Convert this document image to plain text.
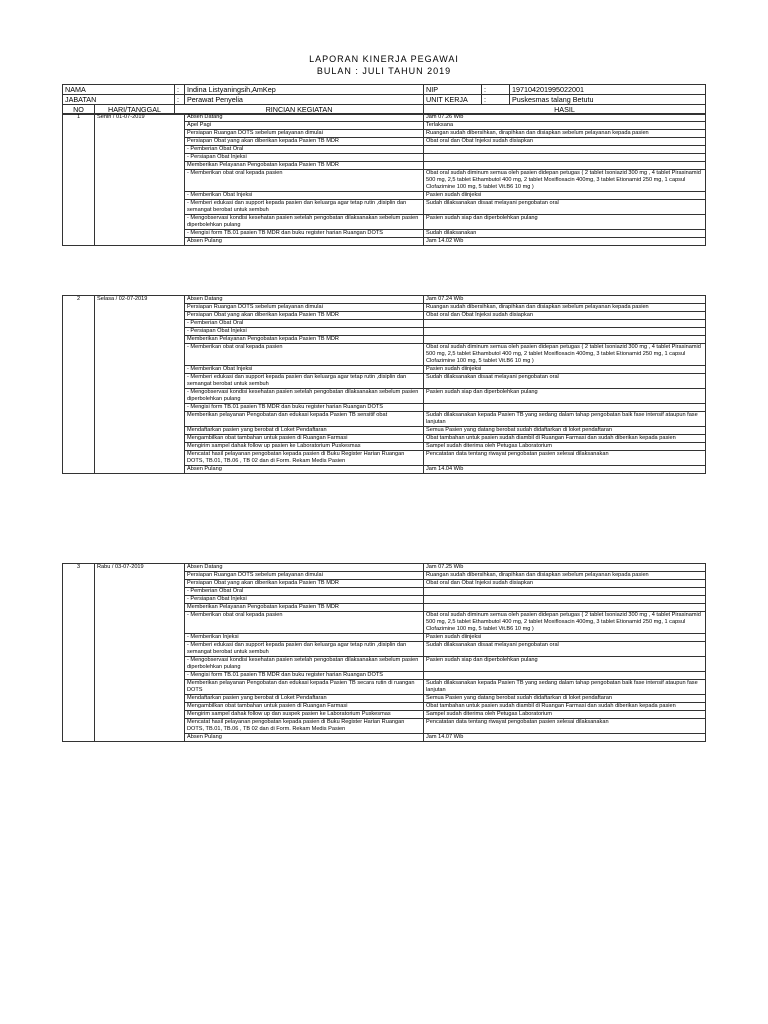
LAPORAN KINERJA PEGAWAI
BULAN : JULI TAHUN 2019
NAMA		:	Indina Listyaningsih,AmKep	NIP	:	197104201995022001
JABATAN		:	Perawat Penyelia	UNIT KERJA	:	Puskesmas talang Betutu
NO	HARI/TANGGAL	RINCIAN KEGIATAN		HASIL		
1	Senin / 01-07-2019	Absen Datang	Jam 07.26 Wib
		Apel Pagi	Terlaksana
		Persiapan Ruangan DOTS sebelum pelayanan dimulai	Ruangan sudah dibersihkan, dirapihkan dan disiapkan sebelum pelayanan kepada pasien
		Persiapan Obat yang akan diberikan kepada Pasien TB MDR	Obat oral dan Obat Injeksi sudah disiapkan
		- Pemberian Obat Oral	
		- Persiapan Obat Injeksi	
		Memberikan Pelayanan Pengobatan kepada Pasien TB MDR	
		- Memberikan obat oral kepada pasien	Obat oral sudah diminum semua oleh pasien didepan petugas ( 2 tablet Isoniazid 300 mg , 4 tablet Pirasinamid 500 mg, 2,5 tablet Ethambutol 400 mg, 2 tablet Moxifloxacin 400mg, 3 tablet Etionamid 250 mg, 1 capsul Clofazimine 100 mg, 5 tablet Vit.B6 10 mg )
		- Memberikan Obat Injeksi	Pasien sudah diinjeksi
		- Memberi edukasi dan support kepada pasien dan keluarga agar tetap rutin ,disiplin dan semangat berobat untuk sembuh	Sudah dilaksanakan disaat melayani pengobatan oral
		- Mengobservasi kondisi kesehatan pasien setelah pengobatan dilaksanakan sebelum pasien diperbolehkan pulang	Pasien sudah siap dan diperbolehkan pulang
		- Mengisi form TB.01 pasien TB MDR dan buku register harian Ruangan DOTS	Sudah dilaksanakan
		Absen Pulang	Jam 14.02 Wib
2	Selasa / 02-07-2019	Absen Datang	Jam 07.24 Wib
		Persiapan Ruangan DOTS sebelum pelayanan dimulai	Ruangan sudah dibersihkan, dirapihkan dan disiapkan sebelum pelayanan kepada pasien
		Persiapan Obat yang akan diberikan kepada Pasien TB MDR	Obat oral dan Obat Injeksi sudah disiapkan
		- Pemberian Obat Oral	
		- Persiapan Obat Injeksi	
		Memberikan Pelayanan Pengobatan kepada Pasien TB MDR	
		- Memberikan obat oral kepada pasien	Obat oral sudah diminum semua oleh pasien didepan petugas ( 2 tablet Isoniazid 300 mg , 4 tablet Pirasinamid 500 mg, 2,5 tablet Ethambutol 400 mg, 2 tablet Moxifloxacin 400mg, 3 tablet Etionamid 250 mg, 1 capsul Clofazimine 100 mg, 5 tablet Vit.B6 10 mg )
		- Memberikan Obat Injeksi	Pasien sudah diinjeksi
		- Memberi edukasi dan support kepada pasien dan keluarga agar tetap rutin ,disiplin dan semangat berobat untuk sembuh	Sudah dilaksanakan disaat melayani pengobatan oral
		- Mengobservasi kondisi kesehatan pasien setelah pengobatan dilaksanakan sebelum pasien diperbolehkan pulang	Pasien sudah siap dan diperbolehkan pulang
		- Mengisi form TB.01 pasien TB MDR dan buku register harian Ruangan DOTS	
		Memberikan pelayanan Pengobatan dan edukasi kepada Pasien TB sensitif obat	Sudah dilaksanakan kepada Pasien TB yang sedang dalam tahap pengobatan baik fase intensif ataupun fase lanjutan
		Mendaftarkan pasien yang berobat di Loket Pendaftaran	Semua Pasien yang datang berobat sudah didaftarkan di loket pendaftaran
		Mengambilkan obat tambahan untuk pasien di Ruangan Farmasi	Obat tambahan untuk pasien sudah diambil di Ruangan Farmasi dan sudah diberikan kepada pasien
		Mengirim sampel dahak follow up pasien ke Laboratorium Puskesmas	Sampel sudah diterima oleh Petugas Laboratorium
		Mencatat hasil pelayanan pengobatan kepada pasien di Buku Register Harian Ruangan DOTS, TB.01, TB.06 , TB 02 dan di Form. Rekam Medis Pasien	Pencatatan data tentang riwayat pengobatan pasien selesai dilaksanakan
		Absen Pulang	Jam 14.04 Wib
3	Rabu / 03-07-2019	Absen Datang	Jam 07.25 Wib
		Persiapan Ruangan DOTS sebelum pelayanan dimulai	Ruangan sudah dibersihkan, dirapihkan dan disiapkan sebelum pelayanan kepada pasien
		Persiapan Obat yang akan diberikan kepada Pasien TB MDR	Obat oral dan Obat Injeksi sudah disiapkan
		- Pemberian Obat Oral	
		- Persiapan Obat Injeksi	
		Memberikan Pelayanan Pengobatan kepada Pasien TB MDR	
		- Memberikan obat oral kepada pasien	Obat oral sudah diminum semua oleh pasien didepan petugas ( 2 tablet Isoniazid 300 mg , 4 tablet Pirasinamid 500 mg, 2,5 tablet Ethambutol 400 mg, 2 tablet Moxifloxacin 400mg, 3 tablet Etionamid 250 mg, 1 capsul Clofazimine 100 mg, 5 tablet Vit.B6 10 mg )
		- Memberikan Injeksi	Pasien sudah diinjeksi
		- Memberi edukasi dan support kepada pasien dan keluarga agar tetap rutin ,disiplin dan semangat berobat untuk sembuh	Sudah dilaksanakan disaat melayani pengobatan oral
		- Mengobservasi kondisi kesehatan pasien setelah pengobatan dilaksanakan sebelum pasien diperbolehkan pulang	Pasien sudah siap dan diperbolehkan pulang
		- Mengisi form TB.01 pasien TB MDR dan buku register harian Ruangan DOTS	
		Memberikan pelayanan Pengobatan dan edukasi kepada Pasien TB secara rutin di ruangan DOTS	Sudah dilaksanakan kepada Pasien TB yang sedang dalam tahap pengobatan baik fase intensif ataupun fase lanjutan
		Mendaftarkan pasien yang berobat di Loket Pendaftaran	Semua Pasien yang datang berobat sudah didaftarkan di loket pendaftaran
		Mengambilkan obat tambahan untuk pasien di Ruangan Farmasi	Obat tambahan untuk pasien sudah diambil di Ruangan Farmasi dan sudah diberikan kepada pasien
		Mengirim sampel dahak follow up dan suspek pasien ke Laboratorium Puskesmas	Sampel sudah diterima oleh Petugas Laboratorium
		Mencatat hasil pelayanan pengobatan kepada pasien di Buku Register Harian Ruangan DOTS, TB.01, TB.06 , TB 02 dan di Form. Rekam Medis Pasien	Pencatatan data tentang riwayat pengobatan pasien selesai dilaksanakan
		Absen Pulang	Jam 14.07 Wib
